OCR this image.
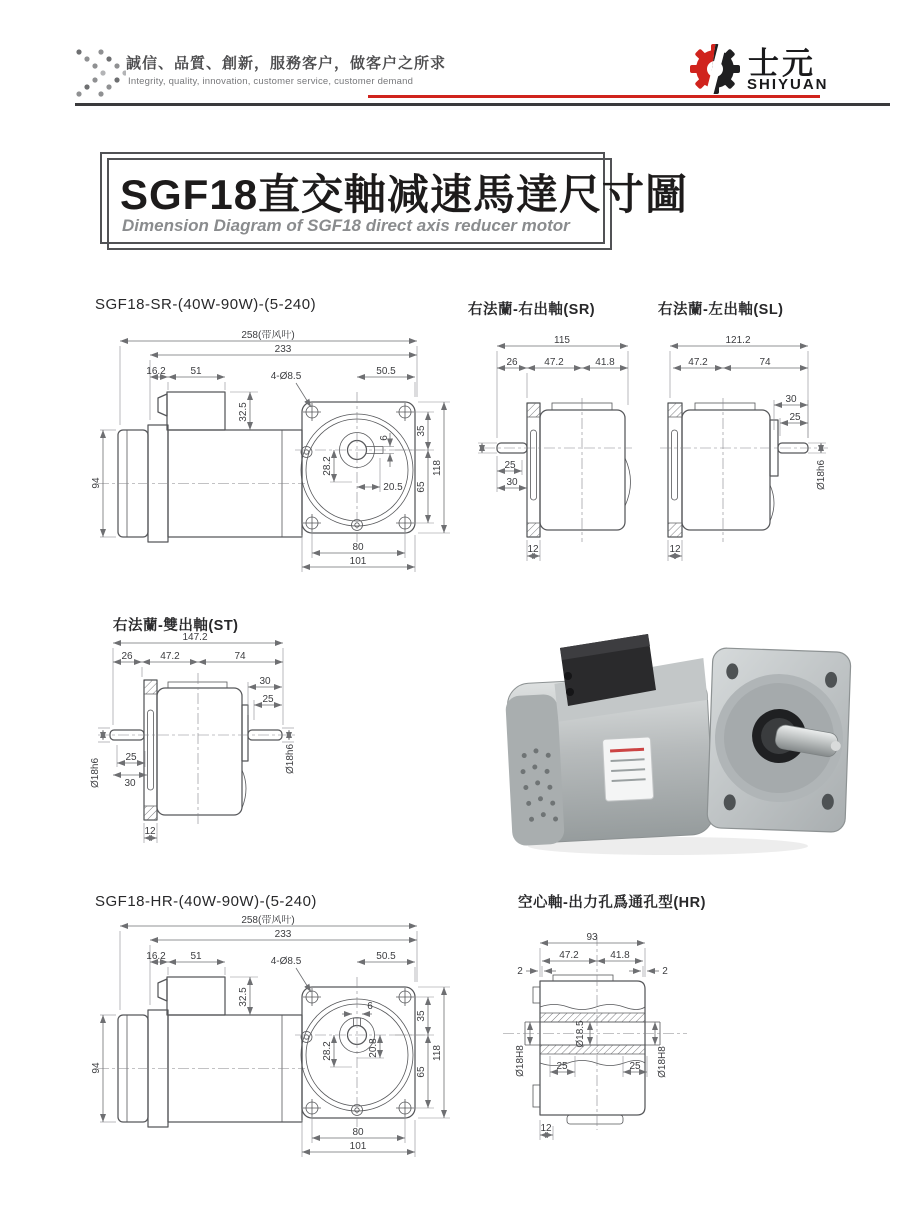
誠信、品質、創新，服務客户，做客户之所求
Integrity, quality, innovation, customer service, customer demand
士元
SHIYUAN
SGF18直交軸减速馬達尺寸圖
Dimension Diagram of SGF18 direct axis reducer motor
SGF18-SR-(40W-90W)-(5-240)	右法蘭-右出軸(SR)	右法蘭-左出軸(SL)
右法蘭-雙出軸(ST)
SGF18-HR-(40W-90W)-(5-240)	空心軸-出力孔爲通孔型(HR)
258(带风叶)
233
16.2 51	4-Ø8.5	50.5
94
32.5
35
65
118
6
28.2
20.5
80
101
115
26	47.2	41.8
25
30
12
121.2
47.2	74
30
25
Ø18h6
12
147.2
26	47.2	74
30
25
Ø18h6
25
30
Ø18h6
12
258(带风叶)
233
16.2 51	4-Ø8.5	50.5
94
32.5
35
65
118
6
28.2	20.8
80
101
93
47.2	41.8
2	2
Ø18.5
Ø18H8	Ø18H8
25	25
12
